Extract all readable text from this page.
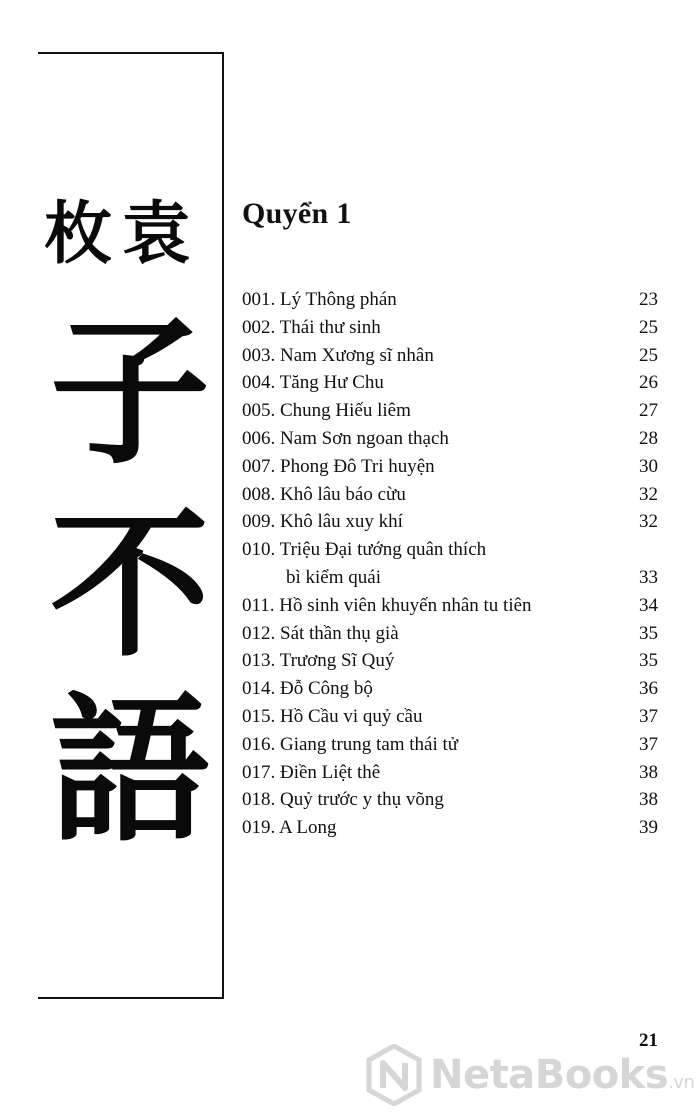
枚 袁
子
不
語
Quyển 1
001. Lý Thông phán	23
002. Thái thư sinh	25
003. Nam Xương sĩ nhân	25
004. Tăng Hư Chu	26
005. Chung Hiếu liêm	27
006. Nam Sơn ngoan thạch	28
007. Phong Đô Tri huyện	30
008. Khô lâu báo cừu	32
009. Khô lâu xuy khí	32
010. Triệu Đại tướng quân thích
bì kiểm quái	33
011. Hồ sinh viên khuyến nhân tu tiên	34
012. Sát thần thụ già	35
013. Trương Sĩ Quý	35
014. Đỗ Công bộ	36
015. Hồ Cầu vi quỷ cầu	37
016. Giang trung tam thái tử	37
017. Điền Liệt thê	38
018. Quỷ trước y thụ võng	38
019. A Long	39
21
NetaBooks.vn
